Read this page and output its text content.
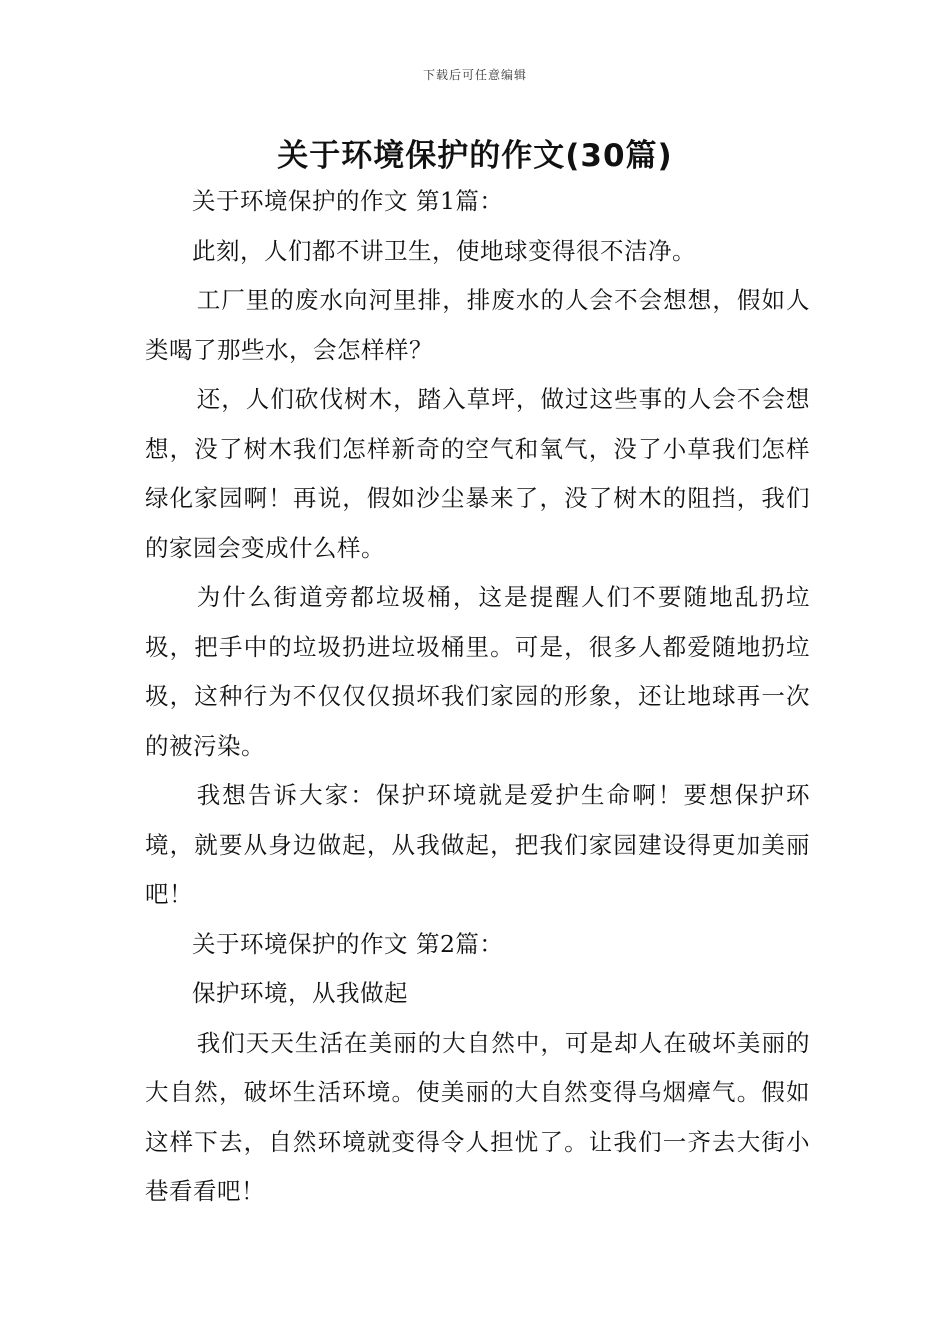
下载后可任意编辑
关于环境保护的作文(30篇)

关于环境保护的作文 第1篇：

此刻，人们都不讲卫生，使地球变得很不洁净。

工厂里的废水向河里排，排废水的人会不会想想，假如人类喝了那些水，会怎样样？

还，人们砍伐树木，踏入草坪，做过这些事的人会不会想想，没了树木我们怎样新奇的空气和氧气，没了小草我们怎样绿化家园啊！再说，假如沙尘暴来了，没了树木的阻挡，我们的家园会变成什么样。

为什么街道旁都垃圾桶，这是提醒人们不要随地乱扔垃圾，把手中的垃圾扔进垃圾桶里。可是，很多人都爱随地扔垃圾，这种行为不仅仅仅损坏我们家园的形象，还让地球再一次的被污染。

我想告诉大家：保护环境就是爱护生命啊！要想保护环境，就要从身边做起，从我做起，把我们家园建设得更加美丽吧！

关于环境保护的作文 第2篇：

保护环境，从我做起

我们天天生活在美丽的大自然中，可是却人在破坏美丽的大自然，破坏生活环境。使美丽的大自然变得乌烟瘴气。假如这样下去，自然环境就变得令人担忧了。让我们一齐去大街小巷看看吧！
